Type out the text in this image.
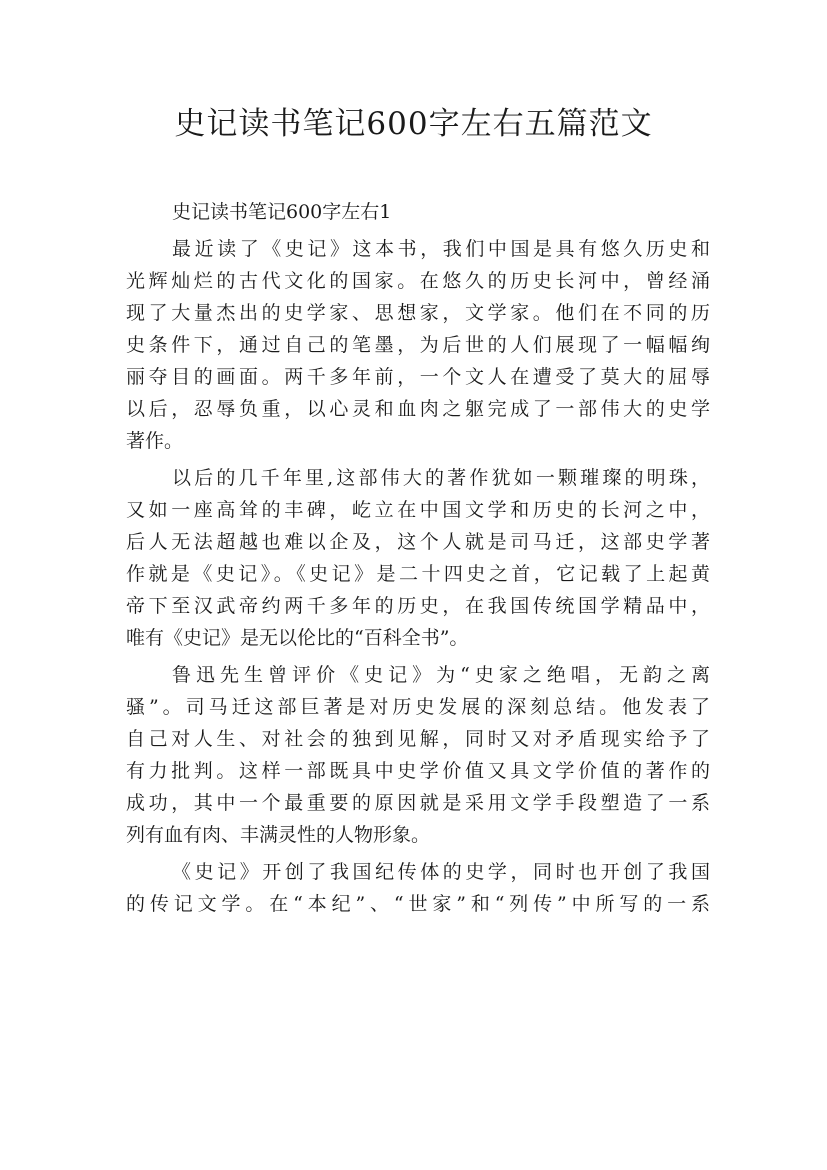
史记读书笔记600字左右五篇范文
史记读书笔记600字左右1
最近读了《史记》这本书，我们中国是具有悠久历史和
光辉灿烂的古代文化的国家。在悠久的历史长河中，曾经涌
现了大量杰出的史学家、思想家，文学家。他们在不同的历
史条件下，通过自己的笔墨，为后世的人们展现了一幅幅绚
丽夺目的画面。两千多年前，一个文人在遭受了莫大的屈辱
以后，忍辱负重，以心灵和血肉之躯完成了一部伟大的史学
著作。
以后的几千年里,这部伟大的著作犹如一颗璀璨的明珠，
又如一座高耸的丰碑，屹立在中国文学和历史的长河之中，
后人无法超越也难以企及，这个人就是司马迁，这部史学著
作就是《史记》。《史记》是二十四史之首，它记载了上起黄
帝下至汉武帝约两千多年的历史，在我国传统国学精品中，
唯有《史记》是无以伦比的“百科全书”。
鲁迅先生曾评价《史记》为“史家之绝唱，无韵之离
骚”。司马迁这部巨著是对历史发展的深刻总结。他发表了
自己对人生、对社会的独到见解，同时又对矛盾现实给予了
有力批判。这样一部既具中史学价值又具文学价值的著作的
成功，其中一个最重要的原因就是采用文学手段塑造了一系
列有血有肉、丰满灵性的人物形象。
《史记》开创了我国纪传体的史学，同时也开创了我国
的传记文学。在“本纪”、“世家”和“列传”中所写的一系
